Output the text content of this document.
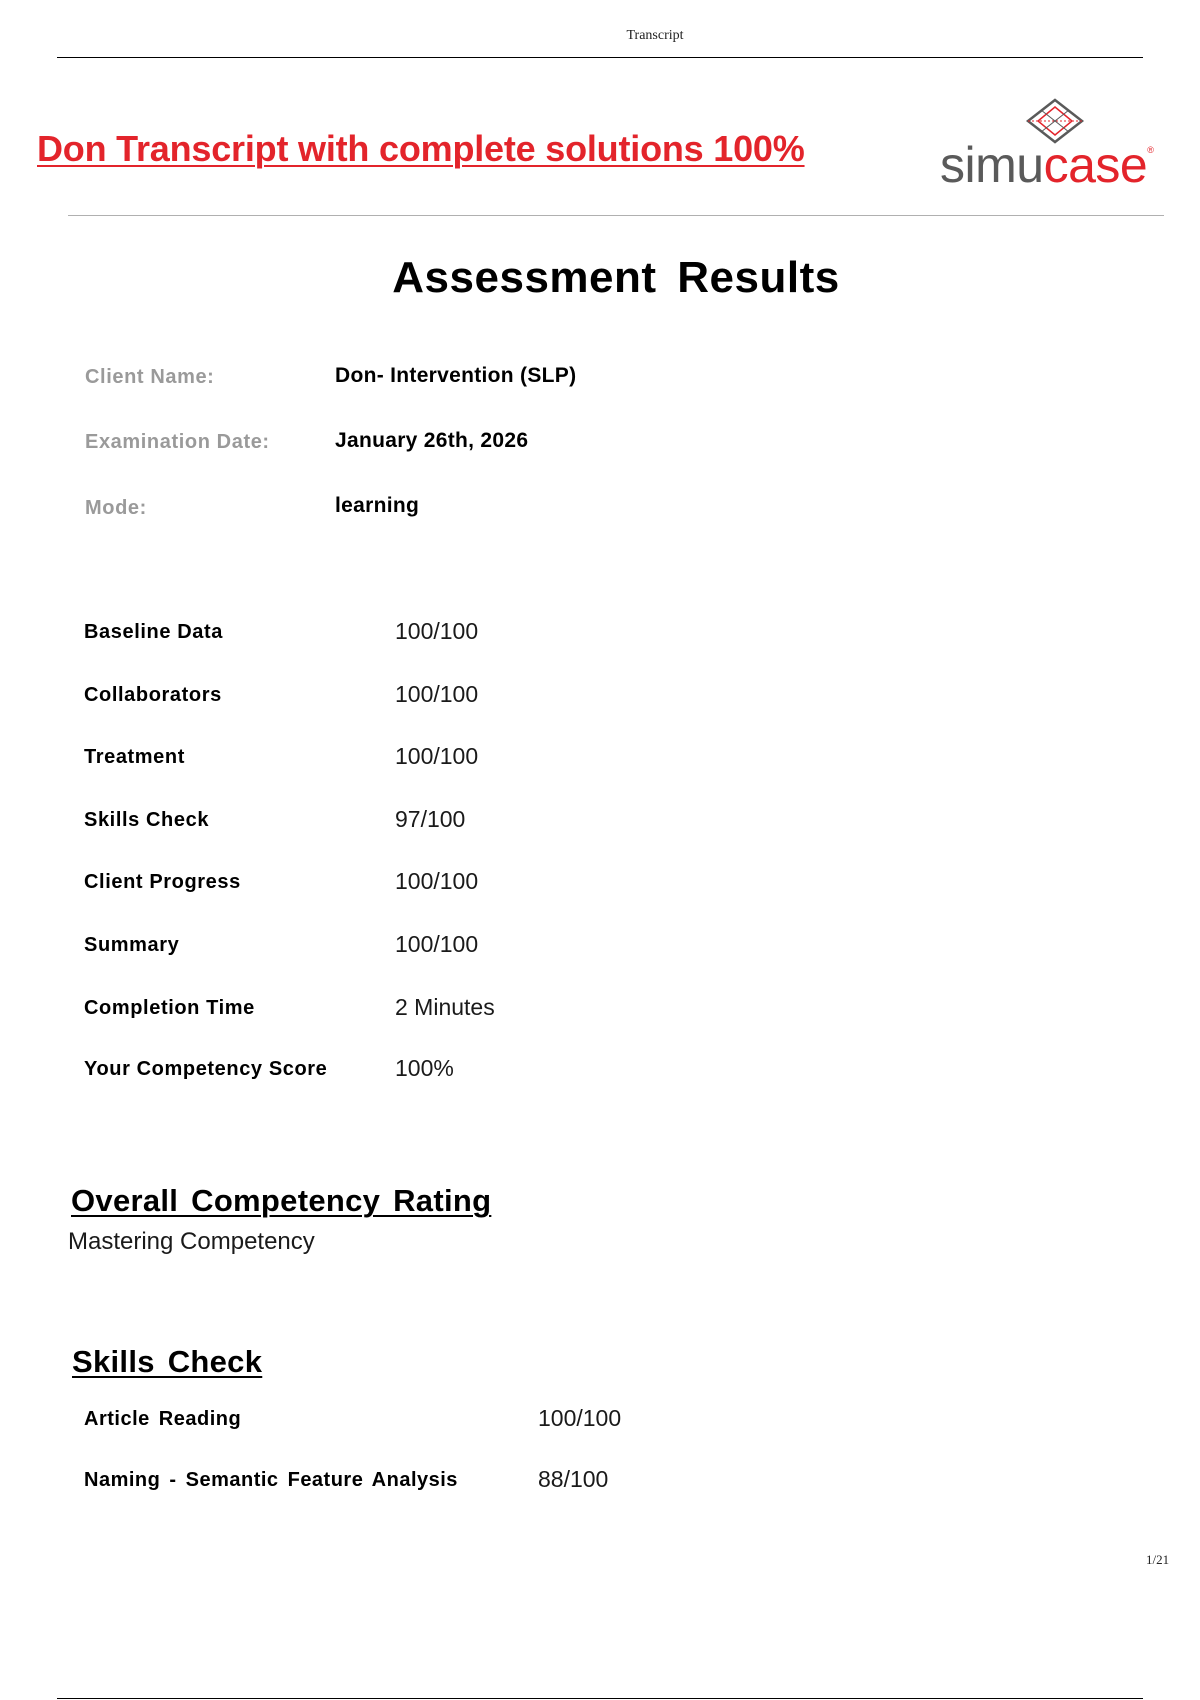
Transcript
Don Transcript with complete solutions 100%	simucase®
Assessment Results
Client Name:	Don- Intervention (SLP)
Examination Date:	January 26th, 2026
Mode:	learning
Baseline Data	100/100
Collaborators	100/100
Treatment	100/100
Skills Check	97/100
Client Progress	100/100
Summary	100/100
Completion Time	2 Minutes
Your Competency Score	100%
Overall Competency Rating
Mastering Competency
Skills Check
Article Reading	100/100
Naming - Semantic Feature Analysis	88/100
1/21
